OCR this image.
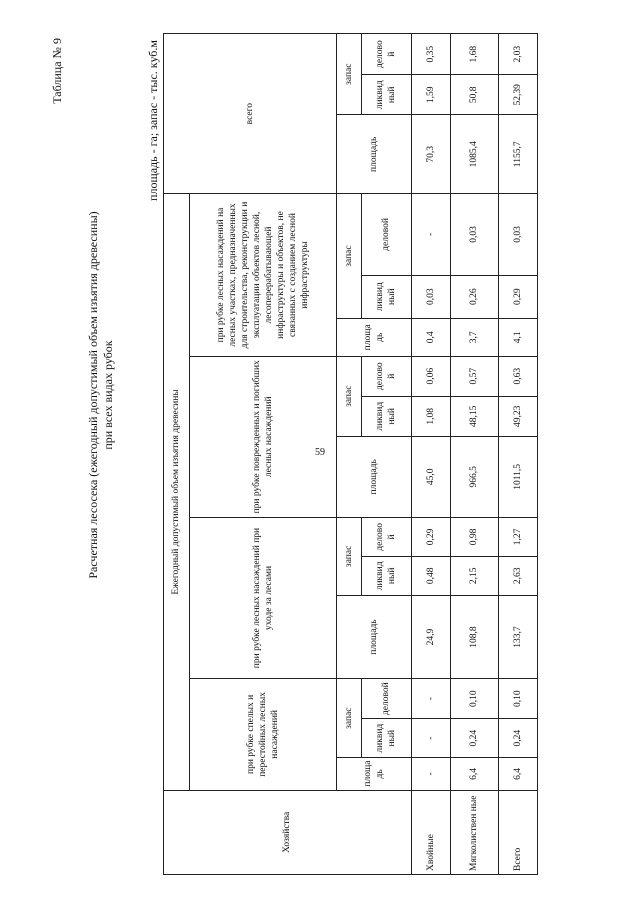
59
Таблица № 9
Расчетная лесосека (ежегодный допустимый объем изъятия древесины) при всех видах рубок
площадь - га; запас - тыс. куб.м
Хозяйства	Ежегодный допустимый объем изъятия древесины												всего		
	при рубке спелых и перестойных лесных насаждений			при рубке лесных насаждений при уходе за лесами			при рубке поврежденных и погибших лесных насаждений			при рубке лесных насаждений на лесных участках, предназначенных для строительства, реконструкции и эксплуатации объектов лесной, лесоперерабатывающей инфраструктуры и объектов, не связанных с созданием лесной инфраструктуры					
	площа дь	запас		площадь	запас		площадь	запас		площа дь	запас		площадь	запас	
		ликвид ный	деловой		ликвид ный	делово й		ликвид ный	делово й		ликвид ный	деловой		ликвид ный	делово й
Хвойные	-	-	-	24,9	0,48	0,29	45,0	1,08	0,06	0,4	0,03	-	70,3	1,59	0,35
Мягколиствен ные	6,4	0,24	0,10	108,8	2,15	0,98	966,5	48,15	0,57	3,7	0,26	0,03	1085,4	50,8	1,68
Всего	6,4	0,24	0,10	133,7	2,63	1,27	1011,5	49,23	0,63	4,1	0,29	0,03	1155,7	52,39	2,03
